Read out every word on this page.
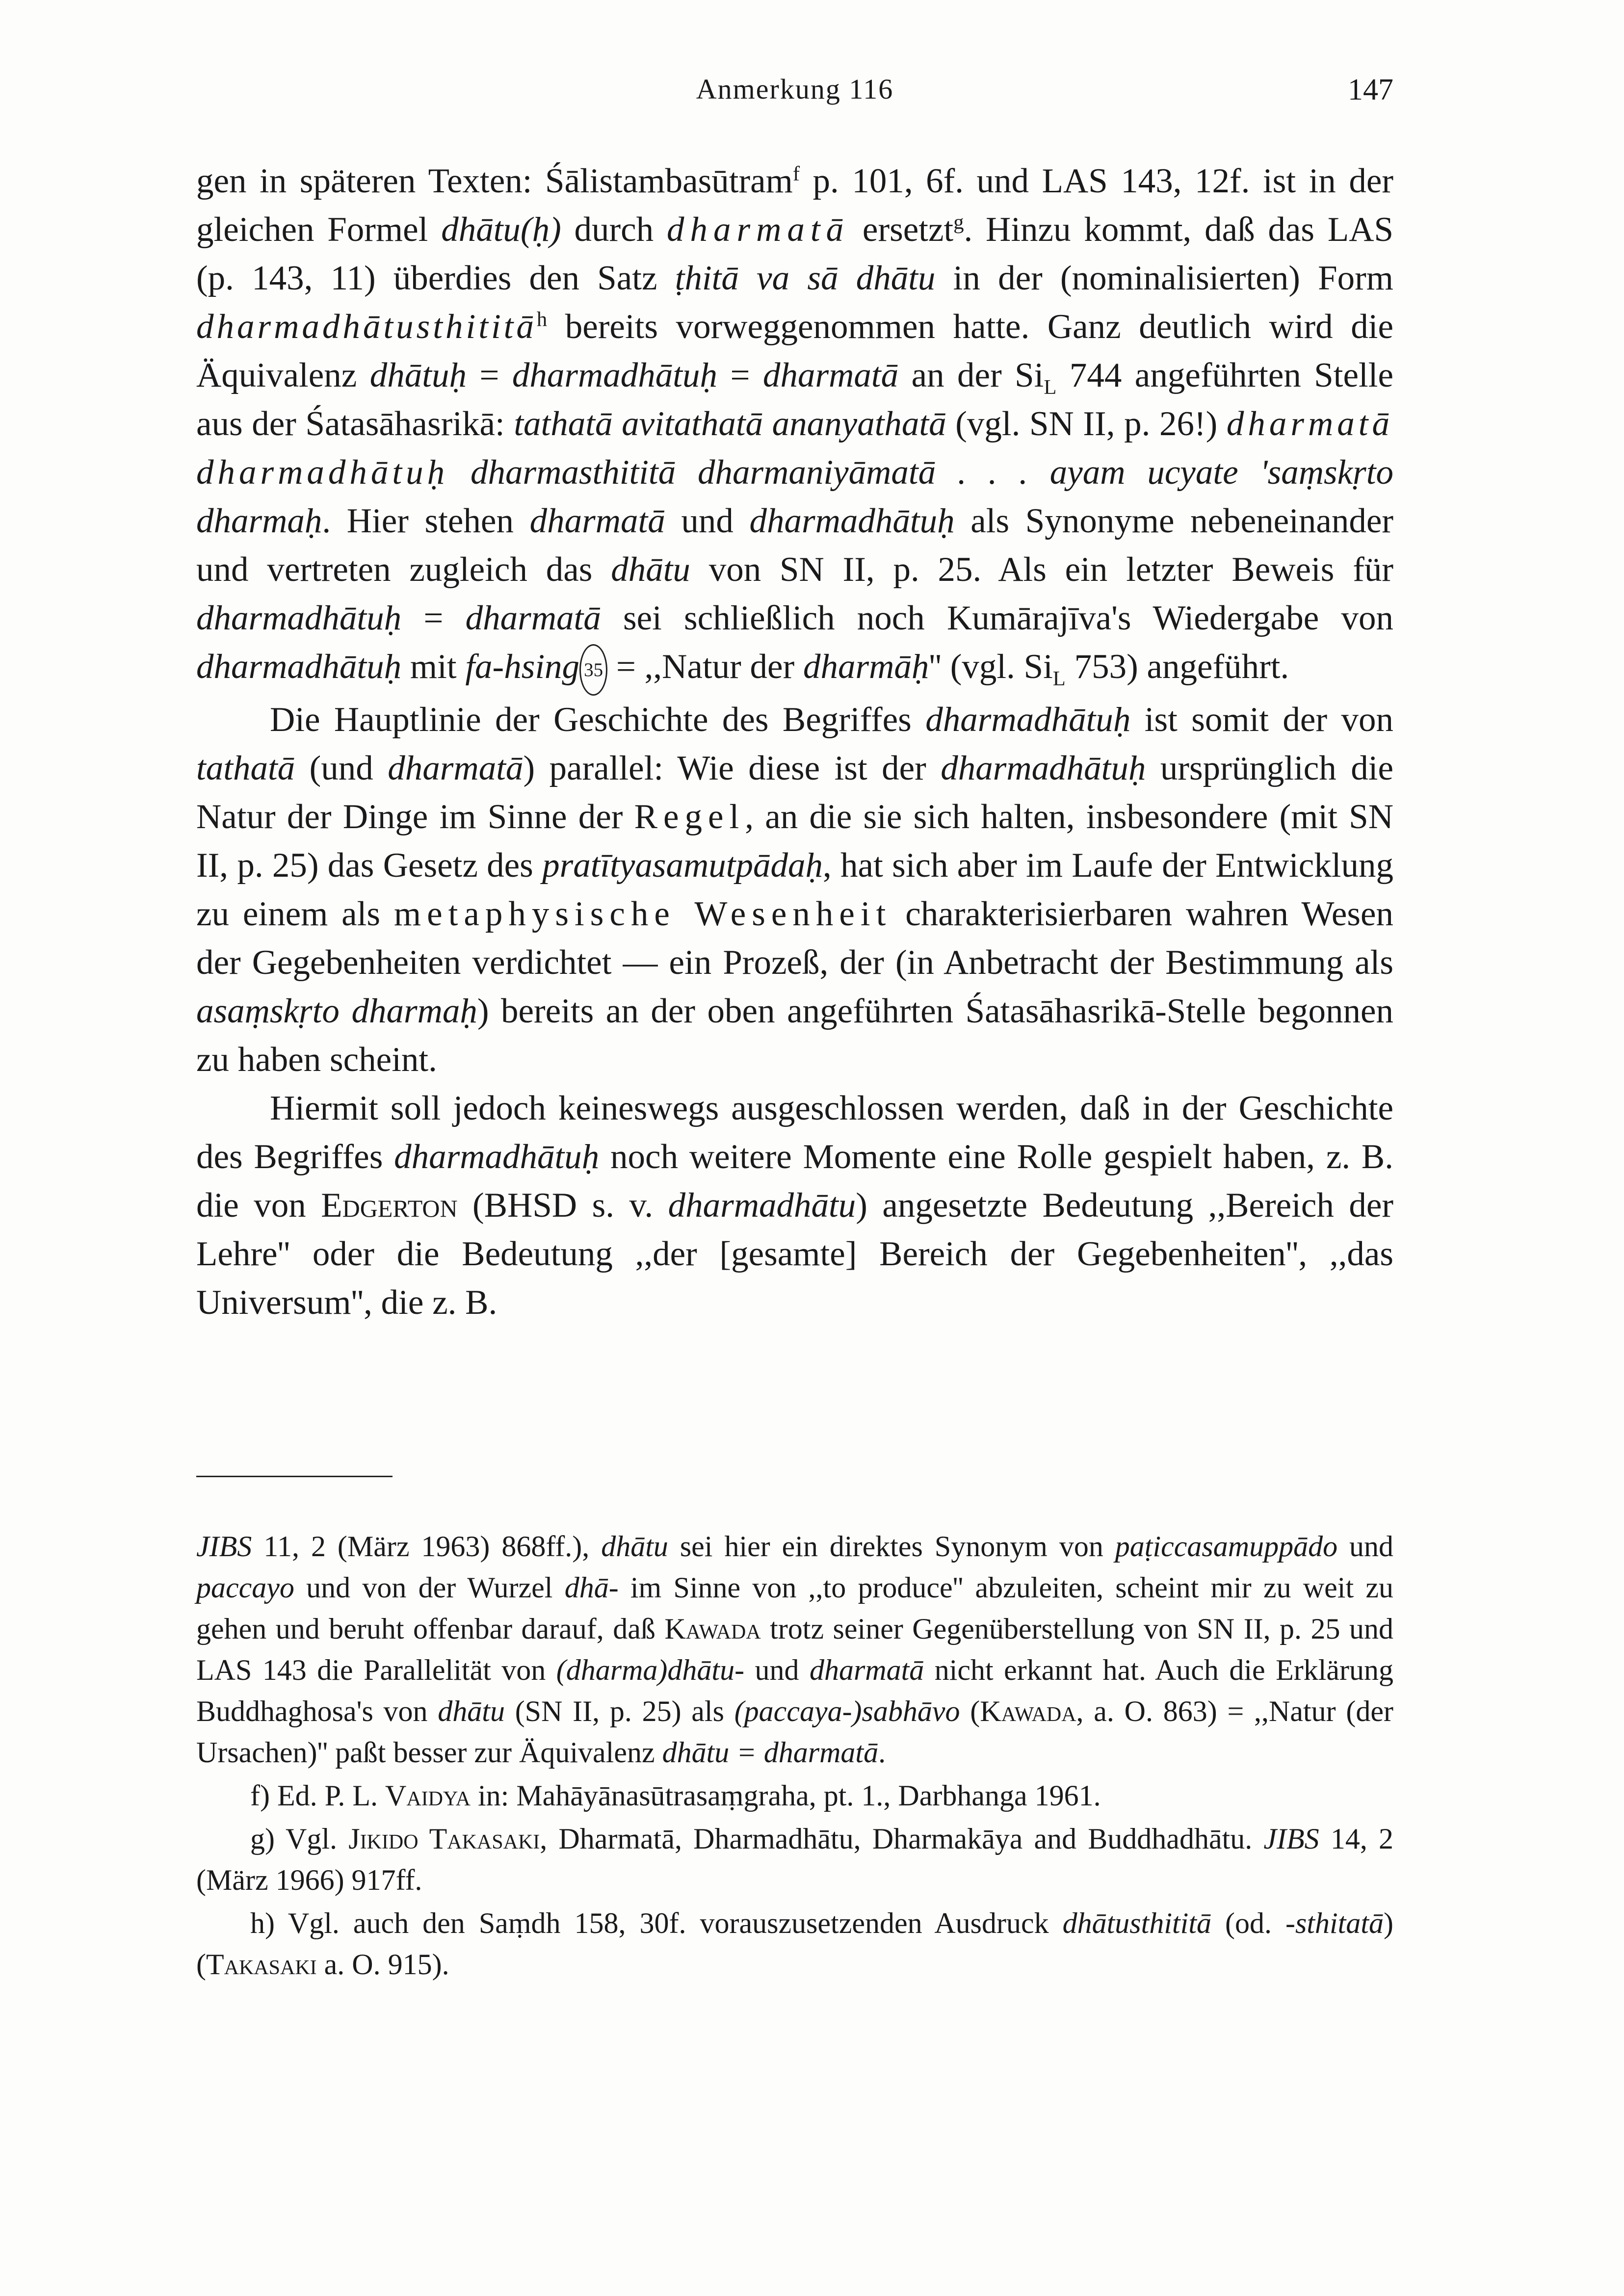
Anmerkung 116	147

gen in späteren Texten: Śālistambasūtram$^f$ p. 101, 6f. und LAS 143, 12f. ist in der gleichen Formel dhātu(ḥ) durch dharmatā ersetzt$^g$. Hinzu kommt, daß das LAS (p. 143, 11) überdies den Satz ṭhitā va sā dhātu in der (nominalisierten) Form dharmadhātusthititā$^h$ bereits vorweggenommen hatte. Ganz deutlich wird die Äquivalenz dhātuḥ = dharmadhātuḥ = dharmatā an der $Si_L$ 744 angeführten Stelle aus der Śatasāhasrikā: tathatā avitathatā ananyathatā (vgl. SN II, p. 26!) dharmatā dharmadhātuḥ dharmasthititā dharmaniyāmatā . . . ayam ucyate 'saṃskṛto dharmaḥ. Hier stehen dharmatā und dharmadhātuḥ als Synonyme nebeneinander und vertreten zugleich das dhātu von SN II, p. 25. Als ein letzter Beweis für dharmadhātuḥ = dharmatā sei schließlich noch Kumārajīva's Wiedergabe von dharmadhātuḥ mit fa-hsing 35 = ,,Natur der dharmāḥ'' (vgl. $Si_L$ 753) angeführt.

Die Hauptlinie der Geschichte des Begriffes dharmadhātuḥ ist somit der von tathatā (und dharmatā) parallel: Wie diese ist der dharmadhātuḥ ursprünglich die Natur der Dinge im Sinne der Regel, an die sie sich halten, insbesondere (mit SN II, p. 25) das Gesetz des pratītyasamutpādaḥ, hat sich aber im Laufe der Entwicklung zu einem als metaphysische Wesenheit charakterisierbaren wahren Wesen der Gegebenheiten verdichtet — ein Prozeß, der (in Anbetracht der Bestimmung als asaṃskṛto dharmaḥ) bereits an der oben angeführten Śatasāhasrikā-Stelle begonnen zu haben scheint.

Hiermit soll jedoch keineswegs ausgeschlossen werden, daß in der Geschichte des Begriffes dharmadhātuḥ noch weitere Momente eine Rolle gespielt haben, z. B. die von Edgerton (BHSD s. v. dharmadhātu) angesetzte Bedeutung ,,Bereich der Lehre'' oder die Bedeutung ,,der [gesamte] Bereich der Gegebenheiten'', ,,das Universum'', die z. B.

JIBS 11, 2 (März 1963) 868ff.), dhātu sei hier ein direktes Synonym von paṭiccasamuppādo und paccayo und von der Wurzel dhā- im Sinne von ,,to produce'' abzuleiten, scheint mir zu weit zu gehen und beruht offenbar darauf, daß Kawada trotz seiner Gegenüberstellung von SN II, p. 25 und LAS 143 die Parallelität von (dharma)dhātu- und dharmatā nicht erkannt hat. Auch die Erklärung Buddhaghosa's von dhātu (SN II, p. 25) als (paccaya-)sabhāvo (Kawada, a. O. 863) = ,,Natur (der Ursachen)'' paßt besser zur Äquivalenz dhātu = dharmatā.

f) Ed. P. L. Vaidya in: Mahāyānasūtrasaṃgraha, pt. 1., Darbhanga 1961.

g) Vgl. Jikido Takasaki, Dharmatā, Dharmadhātu, Dharmakāya and Buddhadhātu. JIBS 14, 2 (März 1966) 917ff.

h) Vgl. auch den Saṃdh 158, 30f. vorauszusetzenden Ausdruck dhātusthititā (od. -sthitatā) (Takasaki a. O. 915).
